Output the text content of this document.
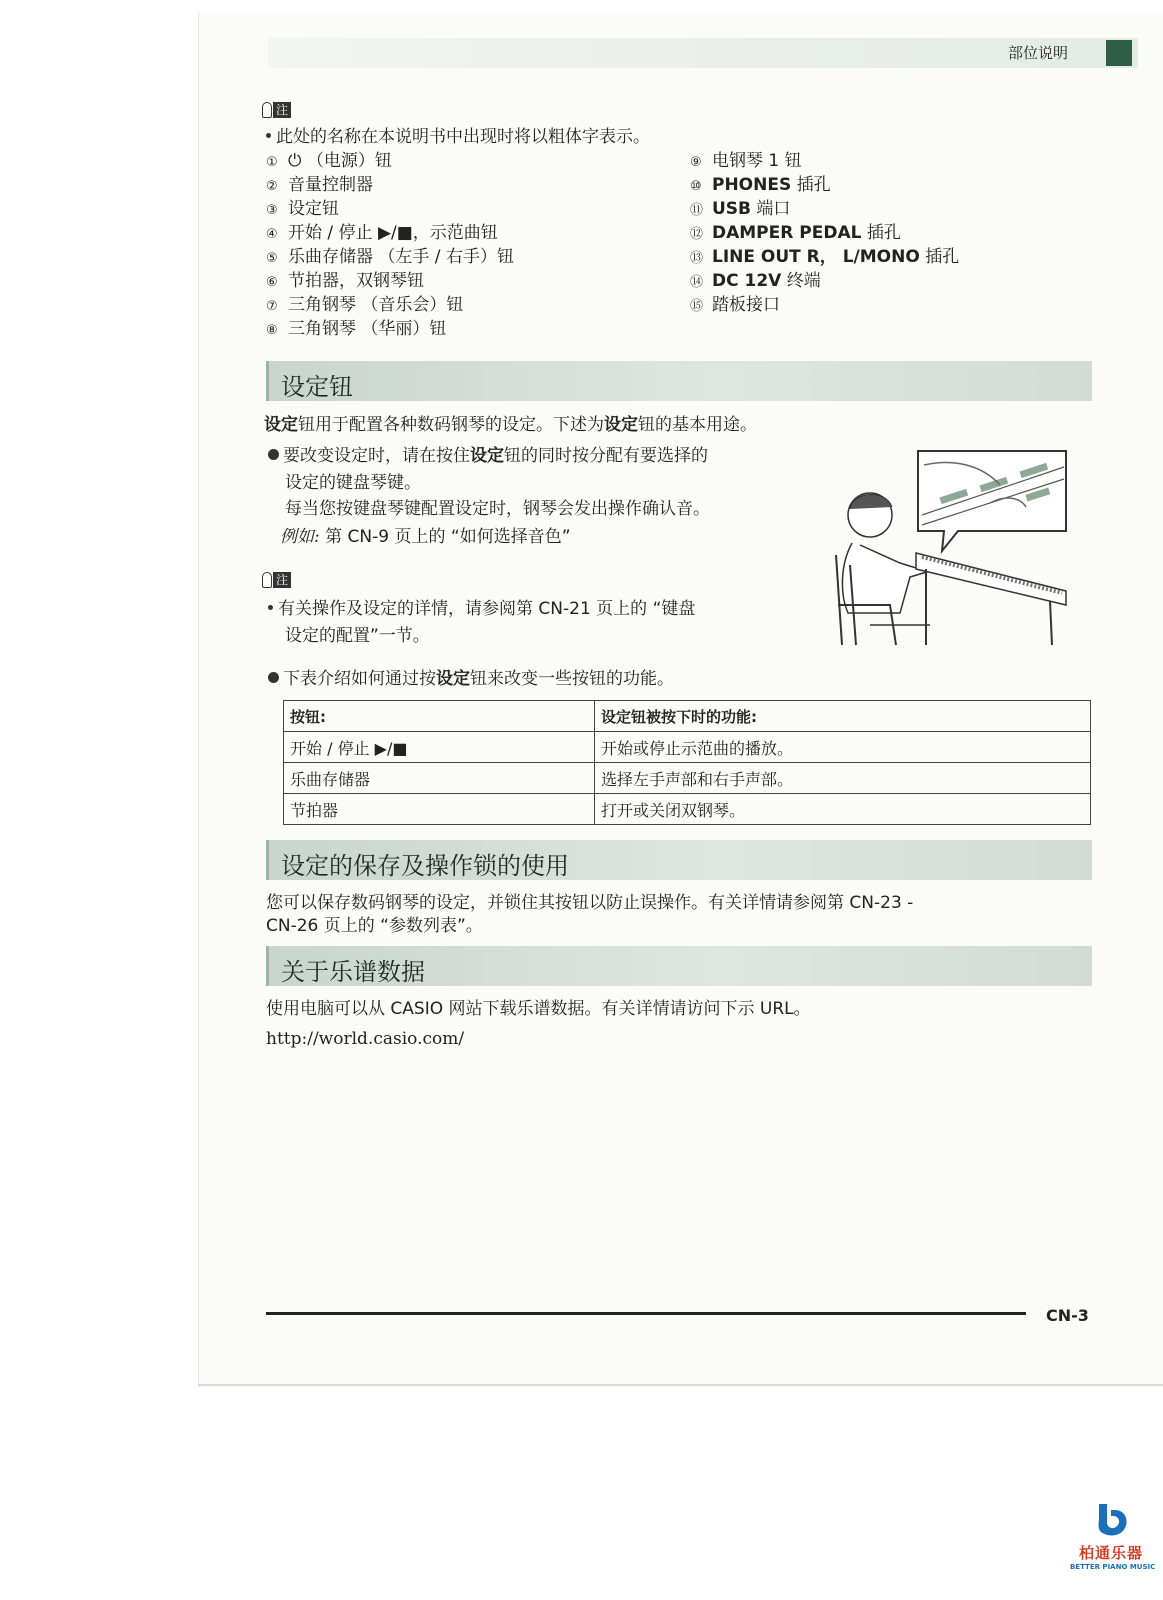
部位说明
注
此处的名称在本说明书中出现时将以粗体字表示。
① ⏻ （电源）钮
② 音量控制器
③ 设定钮
④ 开始 / 停止 ▶/■，示范曲钮
⑤ 乐曲存储器 （左手 / 右手）钮
⑥ 节拍器，双钢琴钮
⑦ 三角钢琴 （音乐会）钮
⑧ 三角钢琴 （华丽）钮
⑨ 电钢琴 1 钮
⑩ PHONES 插孔
⑪ USB 端口
⑫ DAMPER PEDAL 插孔
⑬ LINE OUT R， L/MONO 插孔
⑭ DC 12V 终端
⑮ 踏板接口
设定钮
设定钮用于配置各种数码钢琴的设定。下述为设定钮的基本用途。
要改变设定时，请在按住设定钮的同时按分配有要选择的
设定的键盘琴键。
每当您按键盘琴键配置设定时，钢琴会发出操作确认音。
例如: 第 CN-9 页上的 “如何选择音色”
注
有关操作及设定的详情，请参阅第 CN-21 页上的 “键盘
设定的配置”一节。
下表介绍如何通过按设定钮来改变一些按钮的功能。
按钮:	设定钮被按下时的功能:
开始 / 停止 ▶/■	开始或停止示范曲的播放。
乐曲存储器	选择左手声部和右手声部。
节拍器	打开或关闭双钢琴。
设定的保存及操作锁的使用
您可以保存数码钢琴的设定，并锁住其按钮以防止误操作。有关详情请参阅第 CN-23 -
CN-26 页上的 “参数列表”。
关于乐谱数据
使用电脑可以从 CASIO 网站下载乐谱数据。有关详情请访问下示 URL。
http://world.casio.com/
CN-3
柏通乐器
BETTER PIANO MUSIC
